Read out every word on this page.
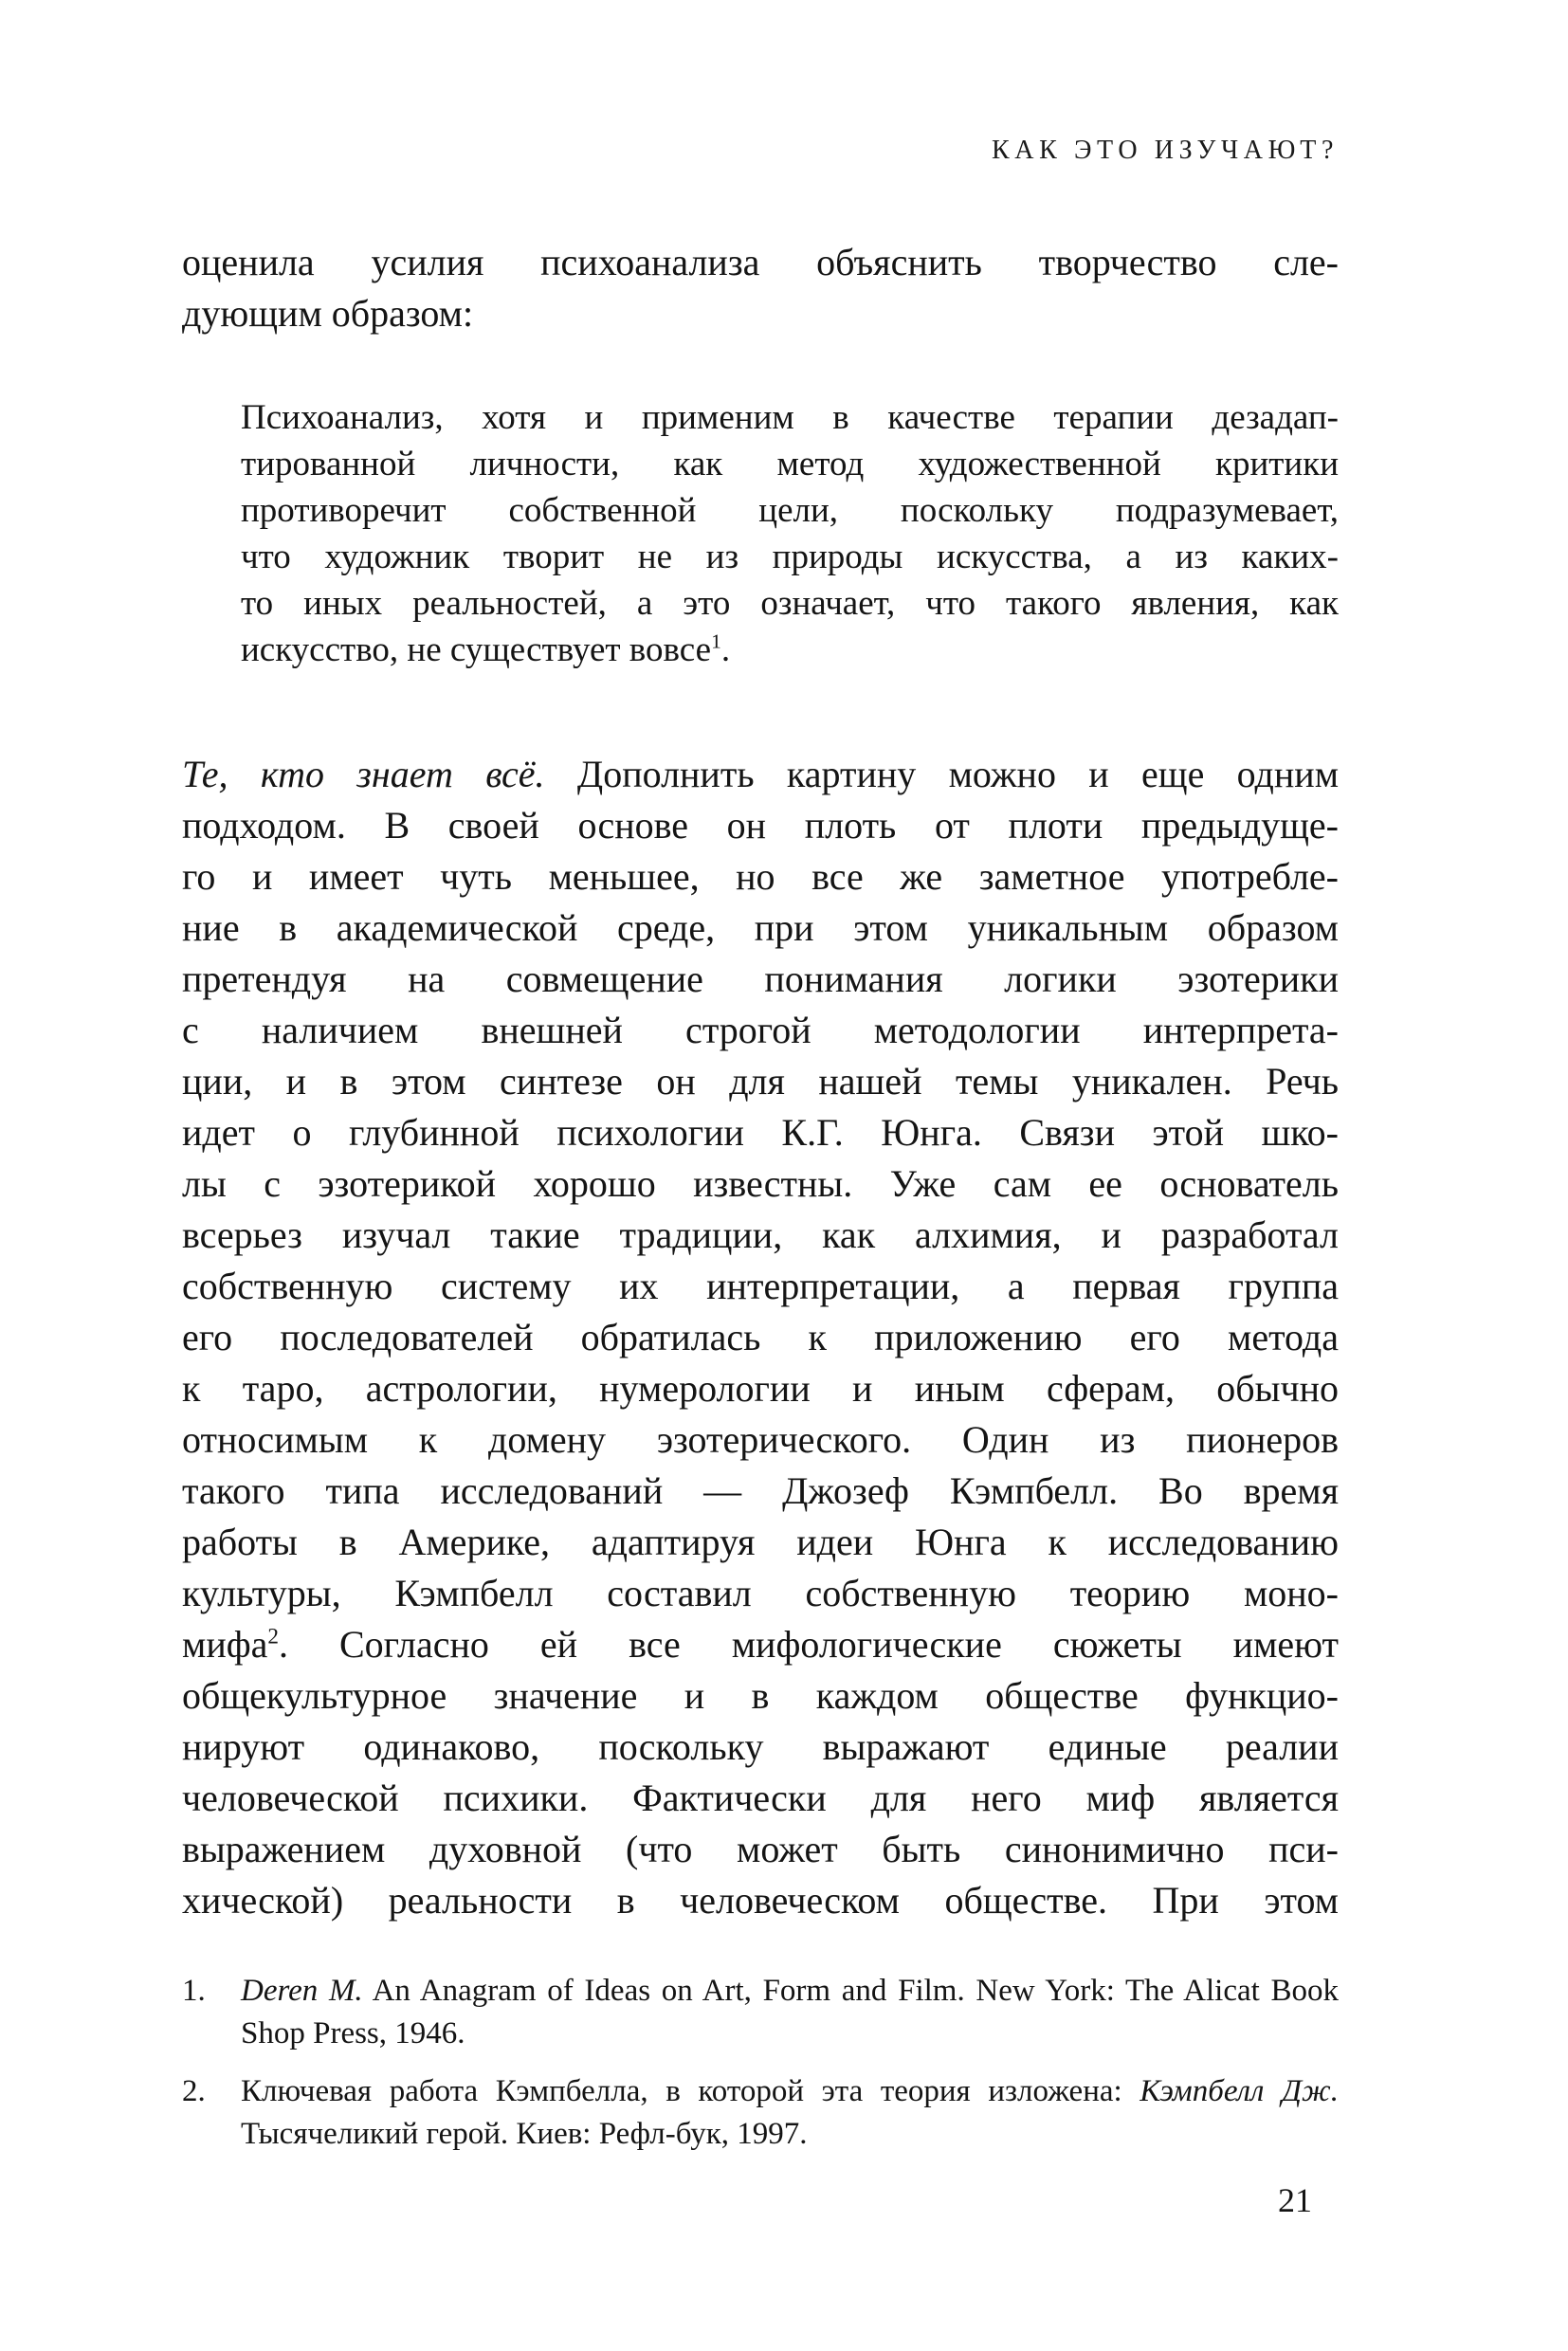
КАК ЭТО ИЗУЧАЮТ?
оценила усилия психоанализа объяснить творчество сле-
дующим образом:
Психоанализ, хотя и применим в качестве терапии дезадап-
тированной личности, как метод художественной критики
противоречит собственной цели, поскольку подразумевает,
что художник творит не из природы искусства, а из каких-
то иных реальностей, а это означает, что такого явления, как
искусство, не существует вовсе$^1$.
Те, кто знает всё. Дополнить картину можно и еще одним
подходом. В своей основе он плоть от плоти предыдуще-
го и имеет чуть меньшее, но все же заметное употребле-
ние в академической среде, при этом уникальным образом
претендуя на совмещение понимания логики эзотерики
с наличием внешней строгой методологии интерпрета-
ции, и в этом синтезе он для нашей темы уникален. Речь
идет о глубинной психологии К.Г. Юнга. Связи этой шко-
лы с эзотерикой хорошо известны. Уже сам ее основатель
всерьез изучал такие традиции, как алхимия, и разработал
собственную систему их интерпретации, а первая группа
его последователей обратилась к приложению его метода
к таро, астрологии, нумерологии и иным сферам, обычно
относимым к домену эзотерического. Один из пионеров
такого типа исследований — Джозеф Кэмпбелл. Во время
работы в Америке, адаптируя идеи Юнга к исследованию
культуры, Кэмпбелл составил собственную теорию моно-
мифа$^2$. Согласно ей все мифологические сюжеты имеют
общекультурное значение и в каждом обществе функцио-
нируют одинаково, поскольку выражают единые реалии
человеческой психики. Фактически для него миф является
выражением духовной (что может быть синонимично пси-
хической) реальности в человеческом обществе. При этом
1.	Deren M. An Anagram of Ideas on Art, Form and Film. New York: The Alicat Book Shop Press, 1946.
2.	Ключевая работа Кэмпбелла, в которой эта теория изложена: Кэмпбелл Дж. Тысячеликий герой. Киев: Рефл-бук, 1997.
21
